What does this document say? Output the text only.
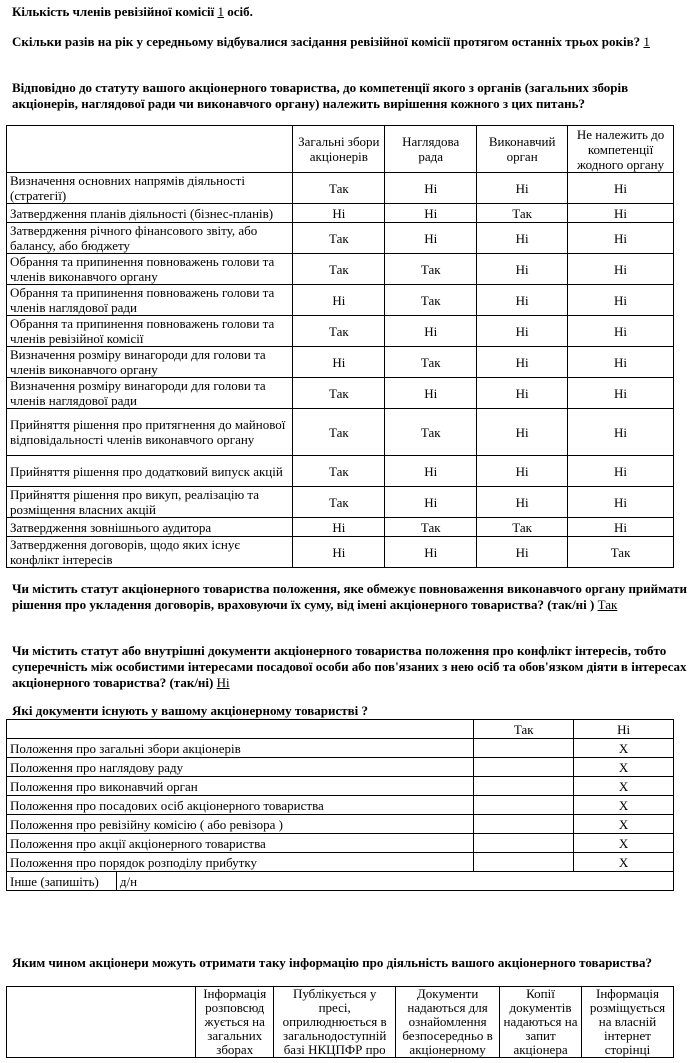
Кількість членів ревізійної комісії 1 осіб.
Скільки разів на рік у середньому відбувалися засідання ревізійної комісії протягом останніх трьох років? 1
Відповідно до статуту вашого акціонерного товариства, до компетенції якого з органів (загальних зборів акціонерів, наглядової ради чи виконавчого органу) належить вирішення кожного з цих питань?
	Загальні збори акціонерів	Наглядова рада	Виконавчий орган	Не належить до компетенції жодного органу
Визначення основних напрямів діяльності (стратегії)	Так	Ні	Ні	Ні
Затвердження планів діяльності (бізнес-планів)	Ні	Ні	Так	Ні
Затвердження річного фінансового звіту, або балансу, або бюджету	Так	Ні	Ні	Ні
Обрання та припинення повноважень голови та членів виконавчого органу	Так	Так	Ні	Ні
Обрання та припинення повноважень голови та членів наглядової ради	Ні	Так	Ні	Ні
Обрання та припинення повноважень голови та членів ревізійної комісії	Так	Ні	Ні	Ні
Визначення розміру винагороди для голови та членів виконавчого органу	Ні	Так	Ні	Ні
Визначення розміру винагороди для голови та членів наглядової ради	Так	Ні	Ні	Ні
Прийняття рішення про притягнення до майнової відповідальності членів виконавчого органу	Так	Так	Ні	Ні
Прийняття рішення про додатковий випуск акцій	Так	Ні	Ні	Ні
Прийняття рішення про викуп, реалізацію та розміщення власних акцій	Так	Ні	Ні	Ні
Затвердження зовнішнього аудитора	Ні	Так	Так	Ні
Затвердження договорів, щодо яких існує конфлікт інтересів	Ні	Ні	Ні	Так
Чи містить статут акціонерного товариства положення, яке обмежує повноваження виконавчого органу приймати рішення про укладення договорів, враховуючи їх суму, від імені акціонерного товариства? (так/ні ) Так
Чи містить статут або внутрішні документи акціонерного товариства положення про конфлікт інтересів, тобто суперечність між особистими інтересами посадової особи або пов'язаних з нею осіб та обов'язком діяти в інтересах акціонерного товариства? (так/ні) Ні
Які документи існують у вашому акціонерному товаристві ?
		Так	Ні
Положення про загальні збори акціонерів			X
Положення про наглядову раду			X
Положення про виконавчий орган			X
Положення про посадових осіб акціонерного товариства			X
Положення про ревізійну комісію ( або ревізора )			X
Положення про акції акціонерного товариства			X
Положення про порядок розподілу прибутку			X
Інше (запишіть)	д/н		
Яким чином акціонери можуть отримати таку інформацію про діяльність вашого акціонерного товариства?
	Інформація розповсюд жується на загальних зборах	Публікується у пресі, оприлюднюється в загальнодоступній базі НКЦПФР про	Документи надаються для ознайомлення безпосередньо в акціонерному	Копії документів надаються на запит акціонера	Інформація розміщується на власній інтернет сторінці
